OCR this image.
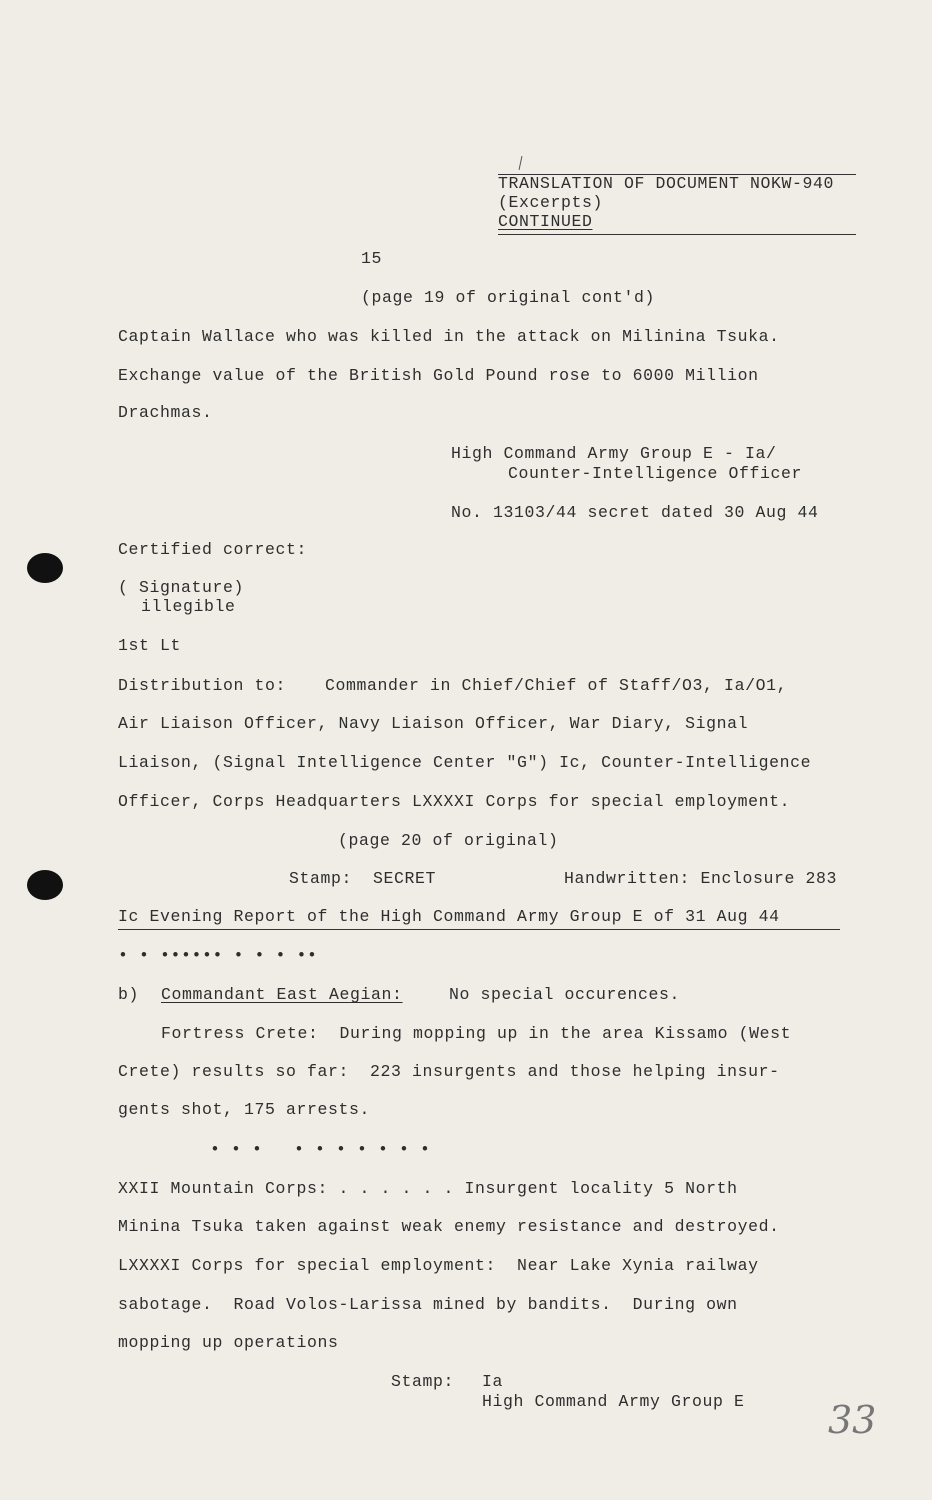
TRANSLATION OF DOCUMENT NOKW-940
(Excerpts)
CONTINUED
15
(page 19 of original cont'd)
Captain Wallace who was killed in the attack on Milinina Tsuka.
Exchange value of the British Gold Pound rose to 6000 Million
Drachmas.
High Command Army Group E - Ia/
Counter-Intelligence Officer
No. 13103/44 secret dated 30 Aug 44
Certified correct:
( Signature)
illegible
1st Lt
Distribution to: Commander in Chief/Chief of Staff/O3, Ia/O1,
Air Liaison Officer, Navy Liaison Officer, War Diary, Signal
Liaison, (Signal Intelligence Center "G") Ic, Counter-Intelligence
Officer, Corps Headquarters LXXXXI Corps for special employment.
(page 20 of original)
Stamp:  SECRET	Handwritten: Enclosure 283
Ic Evening Report of the High Command Army Group E of 31 Aug 44
• • •••••• • • • ••
b) Commandant East Aegian:	No special occurences.
Fortress Crete:  During mopping up in the area Kissamo (West
Crete) results so far:  223 insurgents and those helping insur-
gents shot, 175 arrests.
• • •   • • • • • • •
XXII Mountain Corps: . . . . . . Insurgent locality 5 North
Minina Tsuka taken against weak enemy resistance and destroyed.
LXXXXI Corps for special employment:  Near Lake Xynia railway
sabotage.  Road Volos-Larissa mined by bandits.  During own
mopping up operations
Stamp: Ia
High Command Army Group E 33
